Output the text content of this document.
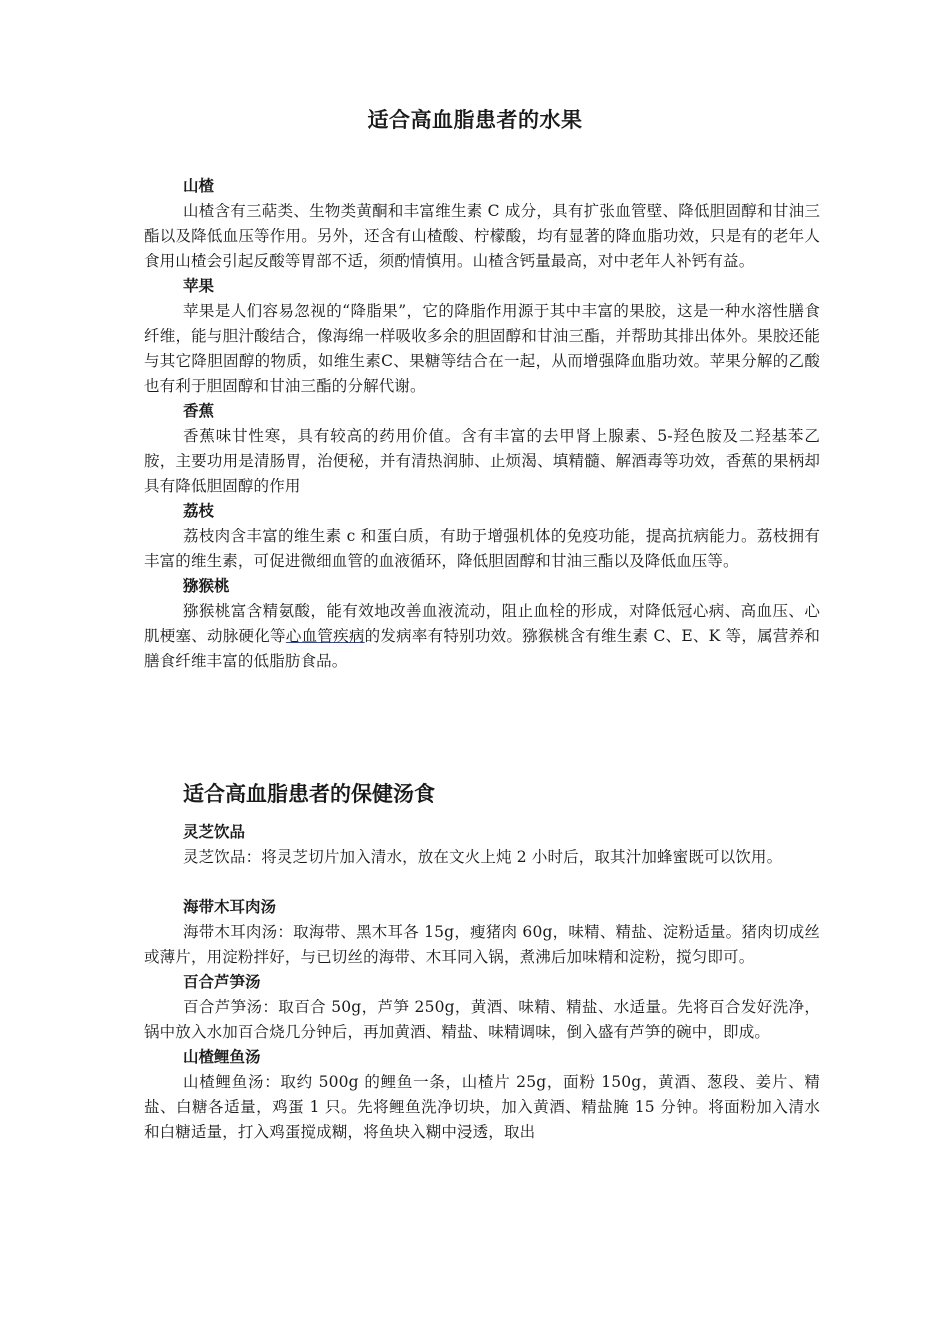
适合高血脂患者的水果
山楂

山楂含有三萜类、生物类黄酮和丰富维生素 C 成分，具有扩张血管壁、降低胆固醇和甘油三酯以及降低血压等作用。另外，还含有山楂酸、柠檬酸，均有显著的降血脂功效，只是有的老年人食用山楂会引起反酸等胃部不适，须酌情慎用。山楂含钙量最高，对中老年人补钙有益。

苹果

苹果是人们容易忽视的“降脂果”，它的降脂作用源于其中丰富的果胶，这是一种水溶性膳食纤维，能与胆汁酸结合，像海绵一样吸收多余的胆固醇和甘油三酯，并帮助其排出体外。果胶还能与其它降胆固醇的物质，如维生素C、果糖等结合在一起，从而增强降血脂功效。苹果分解的乙酸也有利于胆固醇和甘油三酯的分解代谢。

香蕉

香蕉味甘性寒，具有较高的药用价值。含有丰富的去甲肾上腺素、5-羟色胺及二羟基苯乙胺，主要功用是清肠胃，治便秘，并有清热润肺、止烦渴、填精髓、解酒毒等功效，香蕉的果柄却具有降低胆固醇的作用

荔枝

荔枝肉含丰富的维生素 c 和蛋白质，有助于增强机体的免疫功能，提高抗病能力。荔枝拥有丰富的维生素，可促进微细血管的血液循环，降低胆固醇和甘油三酯以及降低血压等。

猕猴桃

猕猴桃富含精氨酸，能有效地改善血液流动，阻止血栓的形成，对降低冠心病、高血压、心肌梗塞、动脉硬化等心血管疾病的发病率有特别功效。猕猴桃含有维生素 C、E、K 等，属营养和膳食纤维丰富的低脂肪食品。

适合高血脂患者的保健汤食
灵芝饮品

灵芝饮品：将灵芝切片加入清水，放在文火上炖 2 小时后，取其汁加蜂蜜既可以饮用。

海带木耳肉汤

海带木耳肉汤：取海带、黑木耳各 15g，瘦猪肉 60g，味精、精盐、淀粉适量。猪肉切成丝或薄片，用淀粉拌好，与已切丝的海带、木耳同入锅，煮沸后加味精和淀粉，搅匀即可。

百合芦笋汤

百合芦笋汤：取百合 50g，芦笋 250g，黄酒、味精、精盐、水适量。先将百合发好洗净，锅中放入水加百合烧几分钟后，再加黄酒、精盐、味精调味，倒入盛有芦笋的碗中，即成。

山楂鲤鱼汤

山楂鲤鱼汤：取约 500g 的鲤鱼一条，山楂片 25g，面粉 150g，黄酒、葱段、姜片、精盐、白糖各适量，鸡蛋 1 只。先将鲤鱼洗净切块，加入黄酒、精盐腌 15 分钟。将面粉加入清水和白糖适量，打入鸡蛋搅成糊，将鱼块入糊中浸透，取出
